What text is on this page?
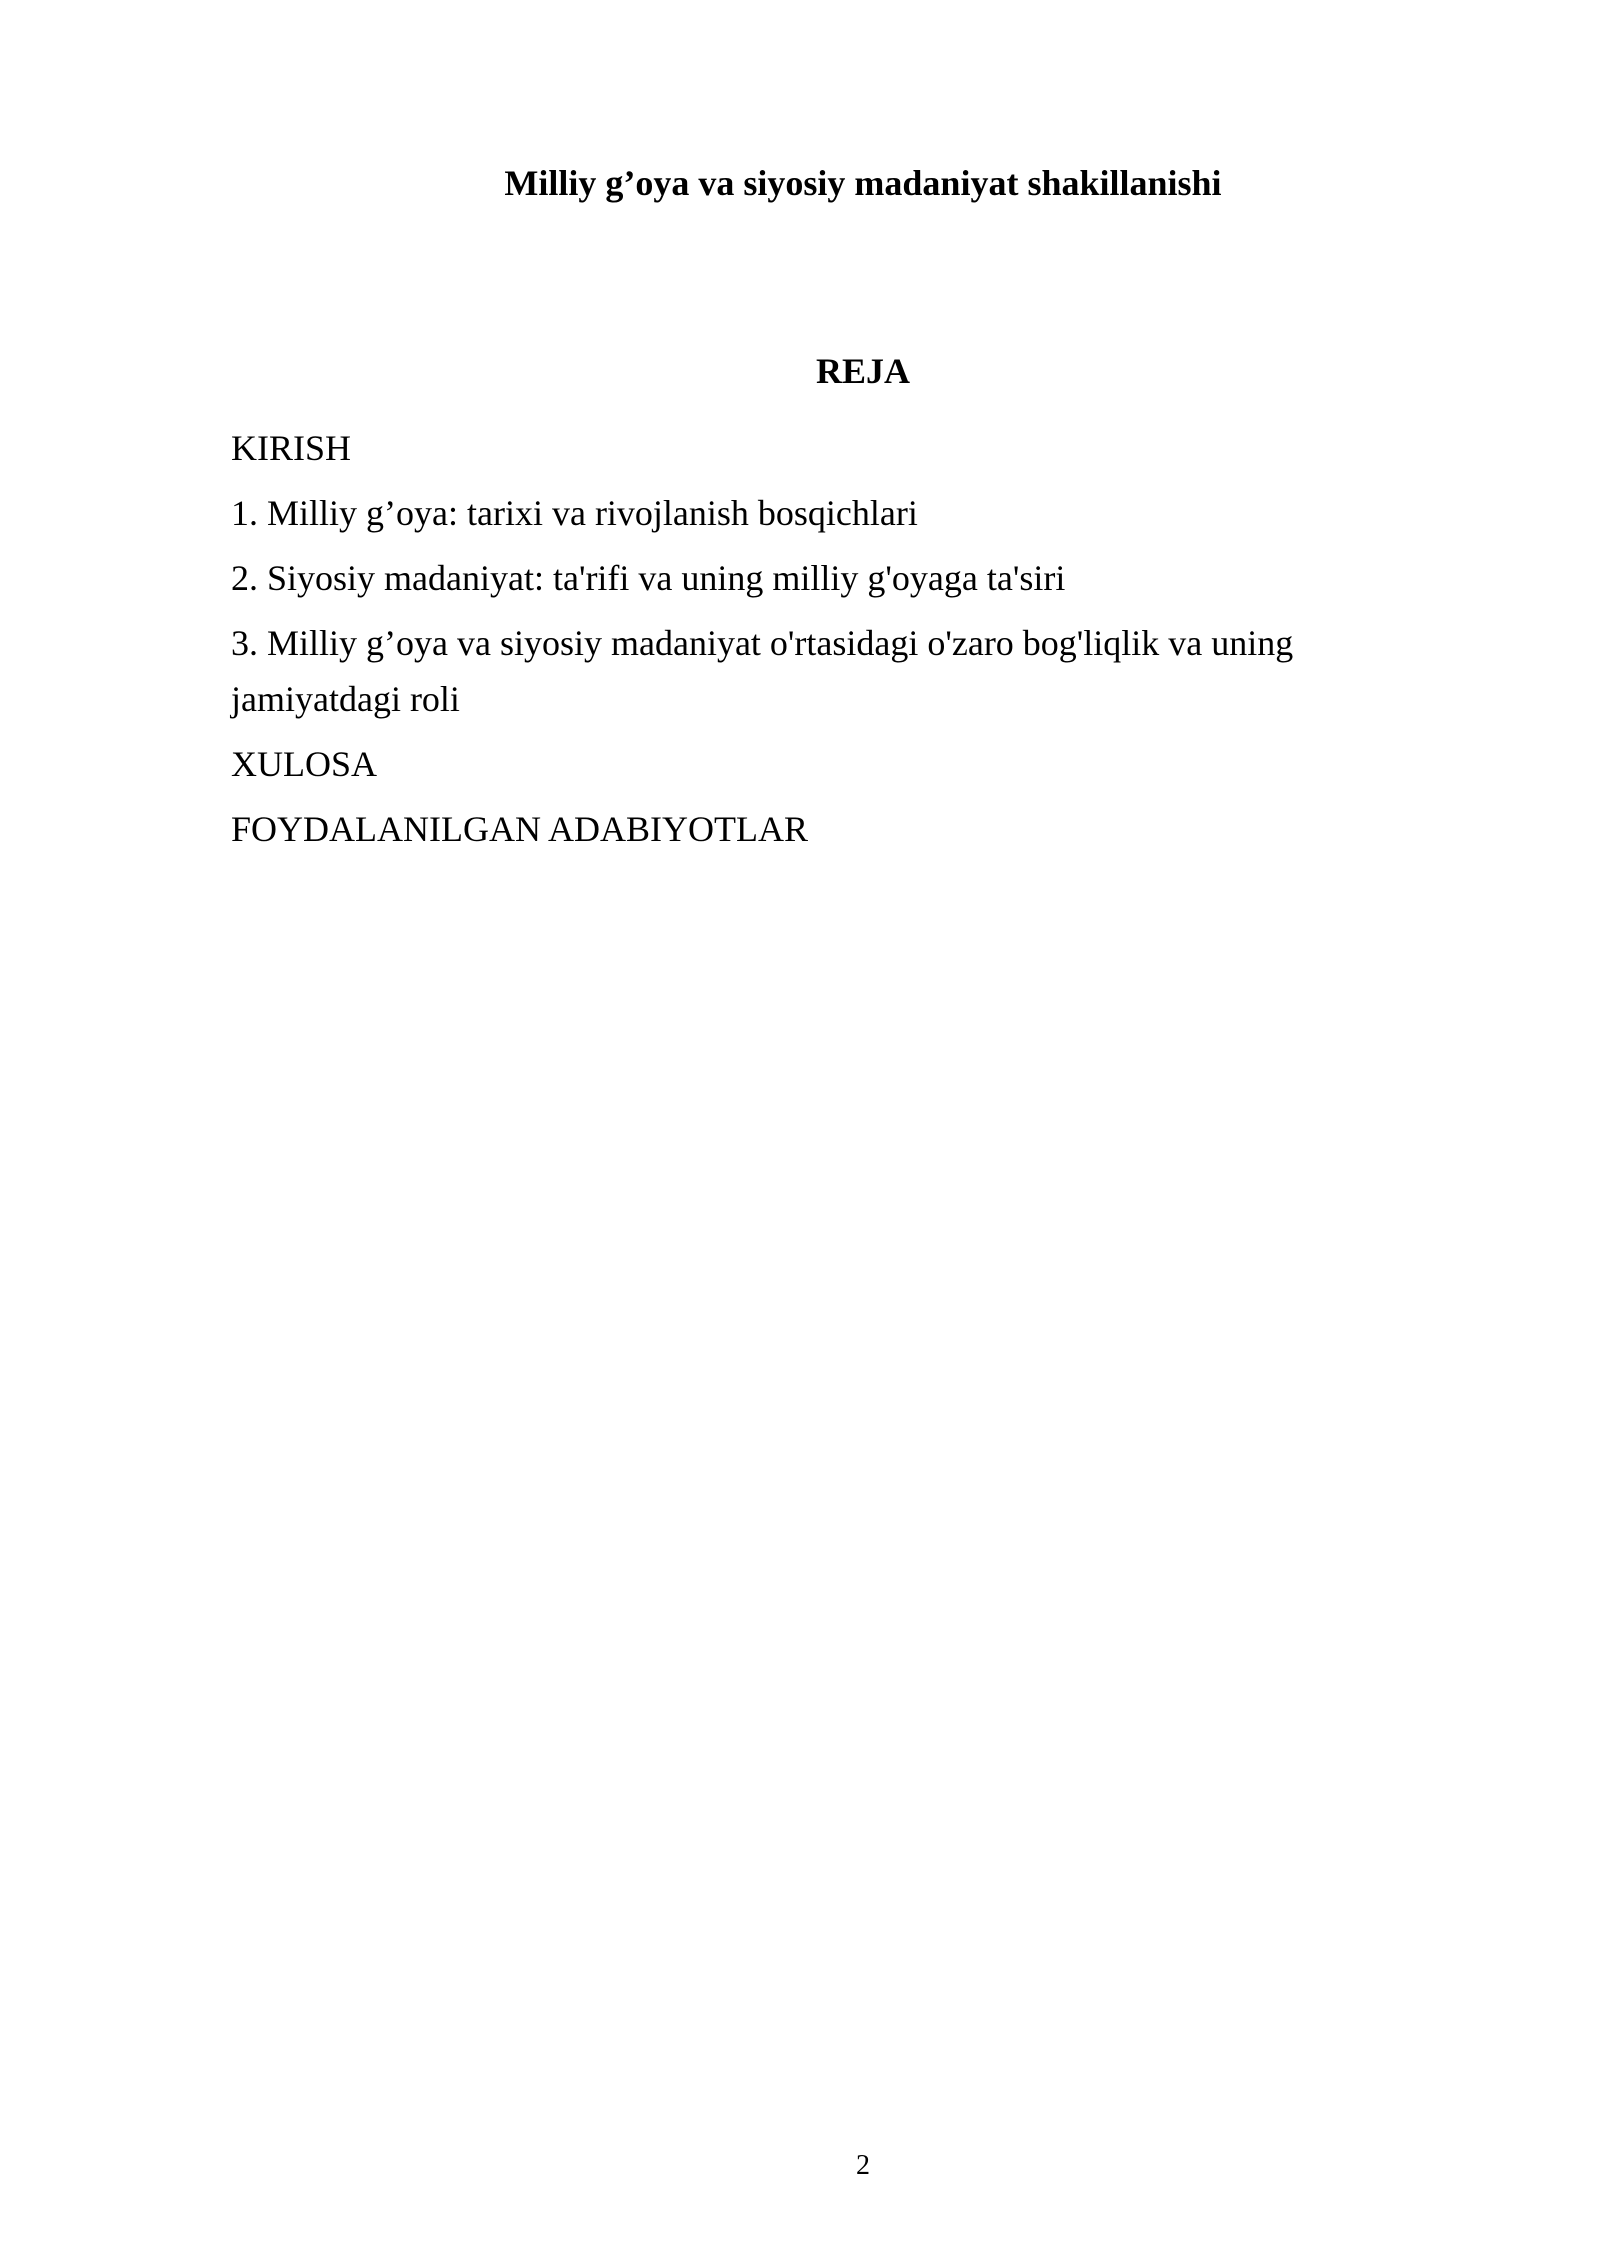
Milliy g’oya va siyosiy madaniyat shakillanishi
REJA
KIRISH
1. Milliy g’oya: tarixi va rivojlanish bosqichlari
2. Siyosiy madaniyat: ta'rifi va uning milliy g'oyaga ta'siri
3. Milliy g’oya va siyosiy madaniyat o'rtasidagi o'zaro bog'liqlik va uning jamiyatdagi roli
XULOSA
FOYDALANILGAN ADABIYOTLAR
2
